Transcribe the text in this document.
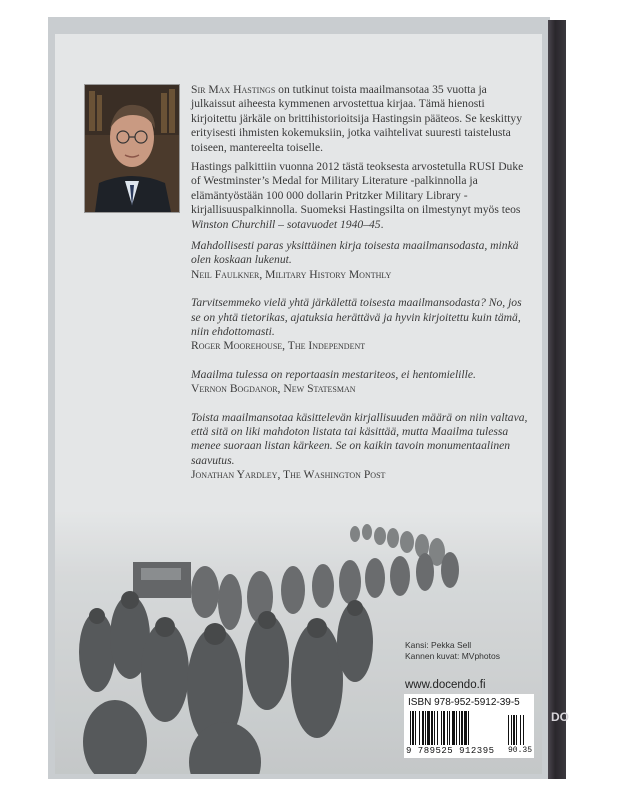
DO

Sir Max Hastings on tutkinut toista maailmansotaa 35 vuotta ja julkaissut aiheesta kymmenen arvostettua kirjaa. Tämä hienosti kirjoitettu järkäle on brittihistorioitsija Hastingsin pääteos. Se keskittyy erityisesti ihmisten kokemuksiin, jotka vaihtelivat suuresti taistelusta toiseen, mantereelta toiselle.

Hastings palkittiin vuonna 2012 tästä teoksesta arvostetulla RUSI Duke of Westminster’s Medal for Military Literature -palkinnolla ja elämäntyöstään 100 000 dollarin Pritzker Military Library -kirjallisuuspalkinnolla. Suomeksi Hastingsilta on ilmestynyt myös teos Winston Churchill – sotavuodet 1940–45.

Mahdollisesti paras yksittäinen kirja toisesta maailmansodasta, minkä olen koskaan lukenut.
Neil Faulkner, Military History Monthly
Tarvitsemmeko vielä yhtä järkälettä toisesta maailmansodasta? No, jos se on yhtä tietorikas, ajatuksia herättävä ja hyvin kirjoitettu kuin tämä, niin ehdottomasti.
Roger Moorehouse, The Independent
Maailma tulessa on reportaasin mestariteos, ei hentomielille.
Vernon Bogdanor, New Statesman
Toista maailmansotaa käsittelevän kirjallisuuden määrä on niin valtava, että sitä on liki mahdoton listata tai käsittää, mutta Maailma tulessa menee suoraan listan kärkeen. Se on kaikin tavoin monumentaalinen saavutus.
Jonathan Yardley, The Washington Post
Kansi: Pekka Sell
Kannen kuvat: MVphotos
www.docendo.fi
ISBN 978-952-5912-39-5
9 789525 912395 90.35
